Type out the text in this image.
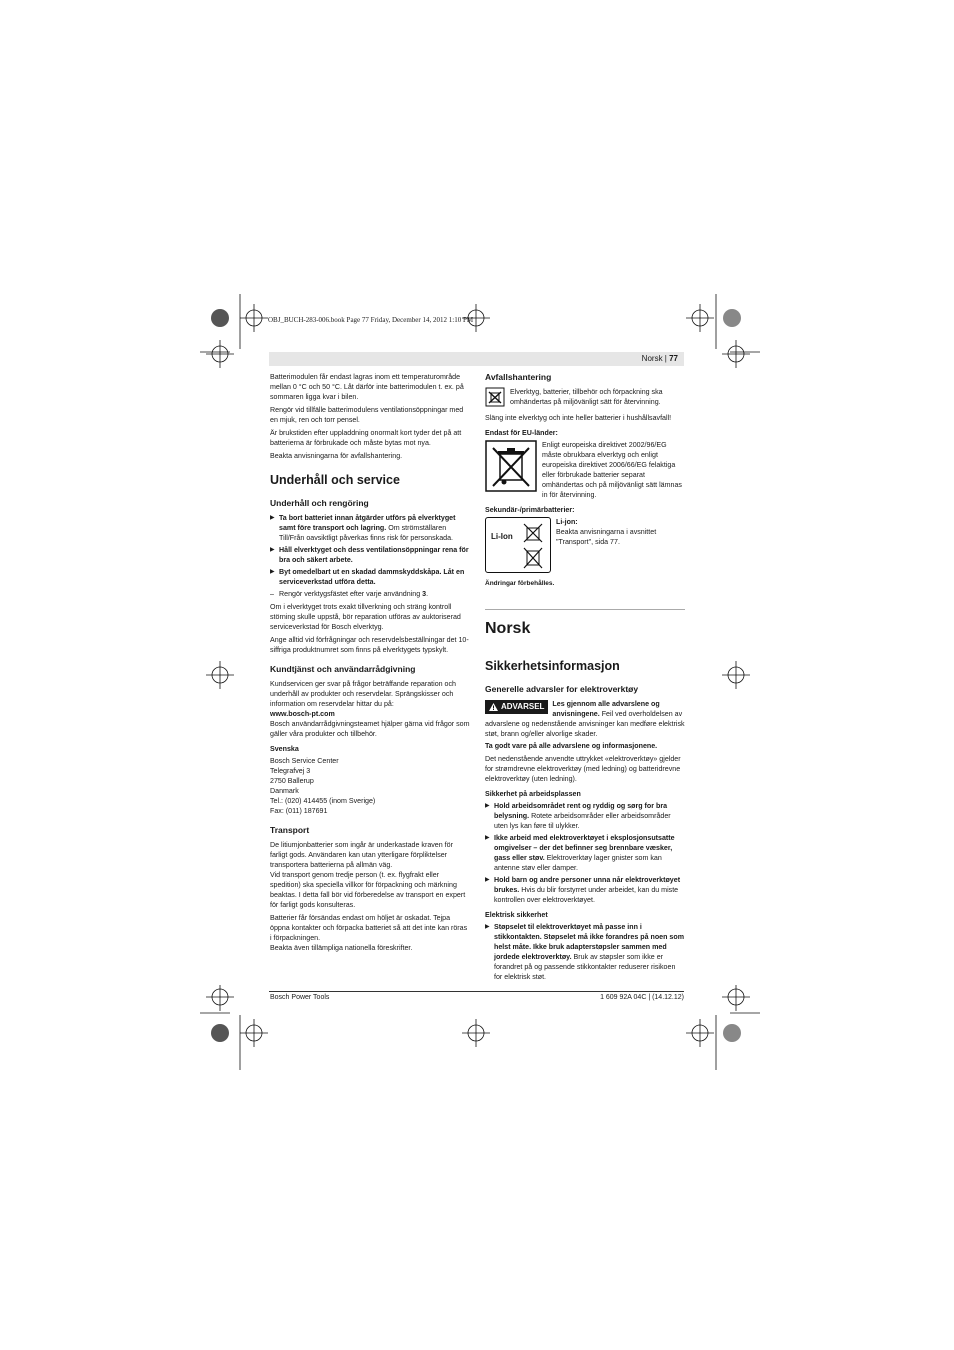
OBJ_BUCH-283-006.book Page 77 Friday, December 14, 2012 1:10 PM
Norsk | 77

Batterimodulen får endast lagras inom ett temperaturområde mellan 0 °C och 50 °C. Låt därför inte batterimodulen t. ex. på sommaren ligga kvar i bilen.

Rengör vid tillfälle batterimodulens ventilationsöppningar med en mjuk, ren och torr pensel.

Är brukstiden efter uppladdning onormalt kort tyder det på att batterierna är förbrukade och måste bytas mot nya.

Beakta anvisningarna för avfallshantering.

Underhåll och service
Underhåll och rengöring
▶ Ta bort batteriet innan åtgärder utförs på elverktyget samt före transport och lagring. Om strömställaren Till/Från oavsiktligt påverkas finns risk för personskada.
▶ Håll elverktyget och dess ventilationsöppningar rena för bra och säkert arbete.
▶ Byt omedelbart ut en skadad dammskyddskåpa. Låt en serviceverkstad utföra detta.
– Rengör verktygsfästet efter varje användning 3.

Om i elverktyget trots exakt tillverkning och sträng kontroll störning skulle uppstå, bör reparation utföras av auktoriserad serviceverkstad för Bosch elverktyg.

Ange alltid vid förfrågningar och reservdelsbeställningar det 10-siffriga produktnumret som finns på elverktygets typskylt.

Kundtjänst och användarrådgivning

Kundservicen ger svar på frågor beträffande reparation och underhåll av produkter och reservdelar. Sprängskisser och information om reservdelar hittar du på:

www.bosch-pt.com

Bosch användarrådgivningsteamet hjälper gärna vid frågor som gäller våra produkter och tillbehör.

Svenska
Bosch Service Center
Telegrafvej 3
2750 Ballerup
Danmark
Tel.: (020) 414455 (inom Sverige)
Fax: (011) 187691
Transport

De litiumjonbatterier som ingår är underkastade kraven för farligt gods. Användaren kan utan ytterligare förpliktelser transportera batterierna på allmän väg.

Vid transport genom tredje person (t. ex. flygfrakt eller spedition) ska speciella villkor för förpackning och märkning beaktas. I detta fall bör vid förberedelse av transport en expert för farligt gods konsulteras.

Batterier får försändas endast om höljet är oskadat. Tejpa öppna kontakter och förpacka batteriet så att det inte kan röras i förpackningen.

Beakta även tillämpliga nationella föreskrifter.

Avfallshantering
Elverktyg, batterier, tillbehör och förpackning ska omhändertas på miljövänligt sätt för återvinning.

Släng inte elverktyg och inte heller batterier i hushållsavfall!

Endast för EU-länder:
Enligt europeiska direktivet 2002/96/EG måste obrukbara elverktyg och enligt europeiska direktivet 2006/66/EG felaktiga eller förbrukade batterier separat omhändertas och på miljövänligt sätt lämnas in för återvinning.
Sekundär-/primärbatterier:
Li-Ion
Li-jon:
Beakta anvisningarna i avsnittet "Transport", sida 77.
Ändringar förbehålles.
Norsk
Sikkerhetsinformasjon
Generelle advarsler for elektroverktøy
ADVARSEL Les gjennom alle advarslene og anvisningene. Feil ved overholdelsen av advarslene og nedenstående anvisninger kan medføre elektrisk støt, brann og/eller alvorlige skader.

Ta godt vare på alle advarslene og informasjonene.

Det nedenstående anvendte uttrykket «elektroverktøy» gjelder for strømdrevne elektroverktøy (med ledning) og batteridrevne elektroverktøy (uten ledning).

Sikkerhet på arbeidsplassen
▶ Hold arbeidsområdet rent og ryddig og sørg for bra belysning. Rotete arbeidsområder eller arbeidsområder uten lys kan føre til ulykker.
▶ Ikke arbeid med elektroverktøyet i eksplosjonsutsatte omgivelser – der det befinner seg brennbare væsker, gass eller støv. Elektroverktøy lager gnister som kan antenne støv eller damper.
▶ Hold barn og andre personer unna når elektroverktøyet brukes. Hvis du blir forstyrret under arbeidet, kan du miste kontrollen over elektroverktøyet.
Elektrisk sikkerhet
▶ Støpselet til elektroverktøyet må passe inn i stikkontakten. Støpselet må ikke forandres på noen som helst måte. Ikke bruk adapterstøpsler sammen med jordede elektroverktøy. Bruk av støpsler som ikke er forandret på og passende stikkontakter reduserer risikoen for elektrisk støt.
Bosch Power Tools	1 609 92A 04C | (14.12.12)
